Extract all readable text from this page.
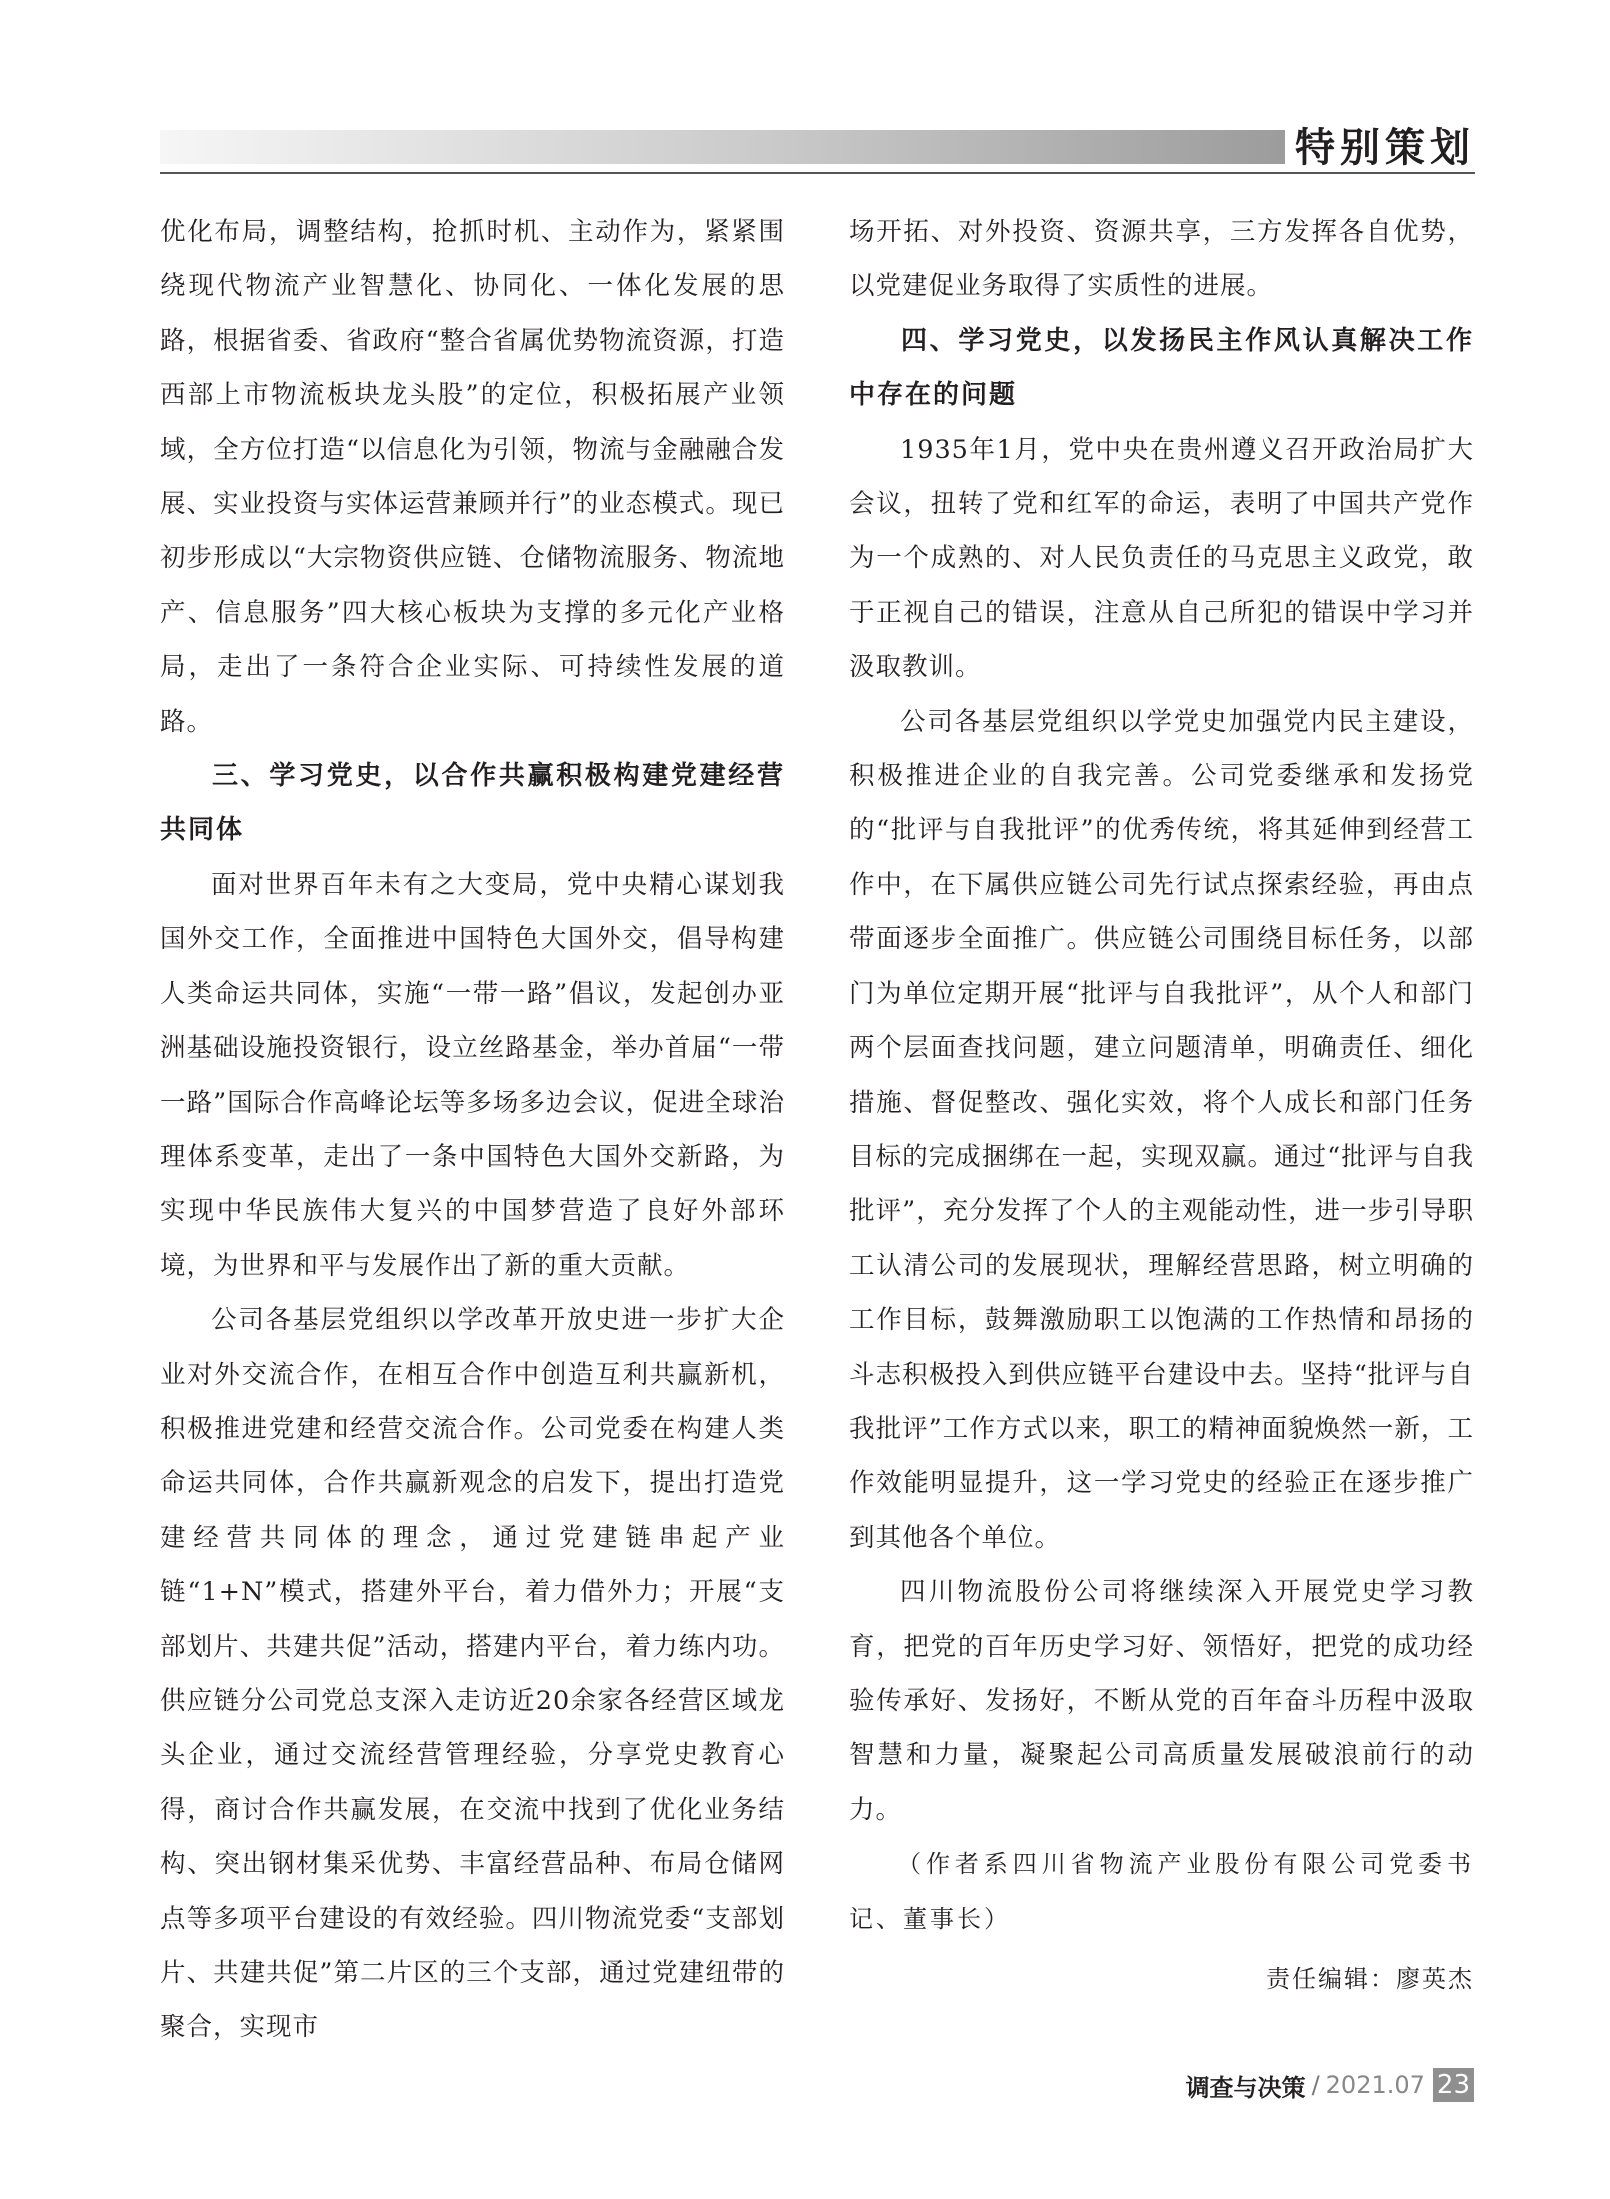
特别策划

优化布局，调整结构，抢抓时机、主动作为，紧紧围绕现代物流产业智慧化、协同化、一体化发展的思路，根据省委、省政府“整合省属优势物流资源，打造西部上市物流板块龙头股”的定位，积极拓展产业领域，全方位打造“以信息化为引领，物流与金融融合发展、实业投资与实体运营兼顾并行”的业态模式。现已初步形成以“大宗物资供应链、仓储物流服务、物流地产、信息服务”四大核心板块为支撑的多元化产业格局，走出了一条符合企业实际、可持续性发展的道路。

三、学习党史，以合作共赢积极构建党建经营共同体

面对世界百年未有之大变局，党中央精心谋划我国外交工作，全面推进中国特色大国外交，倡导构建人类命运共同体，实施“一带一路”倡议，发起创办亚洲基础设施投资银行，设立丝路基金，举办首届“一带一路”国际合作高峰论坛等多场多边会议，促进全球治理体系变革，走出了一条中国特色大国外交新路，为实现中华民族伟大复兴的中国梦营造了良好外部环境，为世界和平与发展作出了新的重大贡献。

公司各基层党组织以学改革开放史进一步扩大企业对外交流合作，在相互合作中创造互利共赢新机，积极推进党建和经营交流合作。公司党委在构建人类命运共同体，合作共赢新观念的启发下，提出打造党建经营共同体的理念，通过党建链串起产业链“1+N”模式，搭建外平台，着力借外力；开展“支部划片、共建共促”活动，搭建内平台，着力练内功。供应链分公司党总支深入走访近20余家各经营区域龙头企业，通过交流经营管理经验，分享党史教育心得，商讨合作共赢发展，在交流中找到了优化业务结构、突出钢材集采优势、丰富经营品种、布局仓储网点等多项平台建设的有效经验。四川物流党委“支部划片、共建共促”第二片区的三个支部，通过党建纽带的聚合，实现市

场开拓、对外投资、资源共享，三方发挥各自优势，以党建促业务取得了实质性的进展。

四、学习党史，以发扬民主作风认真解决工作中存在的问题

1935年1月，党中央在贵州遵义召开政治局扩大会议，扭转了党和红军的命运，表明了中国共产党作为一个成熟的、对人民负责任的马克思主义政党，敢于正视自己的错误，注意从自己所犯的错误中学习并汲取教训。

公司各基层党组织以学党史加强党内民主建设，积极推进企业的自我完善。公司党委继承和发扬党的“批评与自我批评”的优秀传统，将其延伸到经营工作中，在下属供应链公司先行试点探索经验，再由点带面逐步全面推广。供应链公司围绕目标任务，以部门为单位定期开展“批评与自我批评”，从个人和部门两个层面查找问题，建立问题清单，明确责任、细化措施、督促整改、强化实效，将个人成长和部门任务目标的完成捆绑在一起，实现双赢。通过“批评与自我批评”，充分发挥了个人的主观能动性，进一步引导职工认清公司的发展现状，理解经营思路，树立明确的工作目标，鼓舞激励职工以饱满的工作热情和昂扬的斗志积极投入到供应链平台建设中去。坚持“批评与自我批评”工作方式以来，职工的精神面貌焕然一新，工作效能明显提升，这一学习党史的经验正在逐步推广到其他各个单位。

四川物流股份公司将继续深入开展党史学习教育，把党的百年历史学习好、领悟好，把党的成功经验传承好、发扬好，不断从党的百年奋斗历程中汲取智慧和力量，凝聚起公司高质量发展破浪前行的动力。

（作者系四川省物流产业股份有限公司党委书记、董事长）

责任编辑：廖英杰

调查与决策 / 2021.07 23
